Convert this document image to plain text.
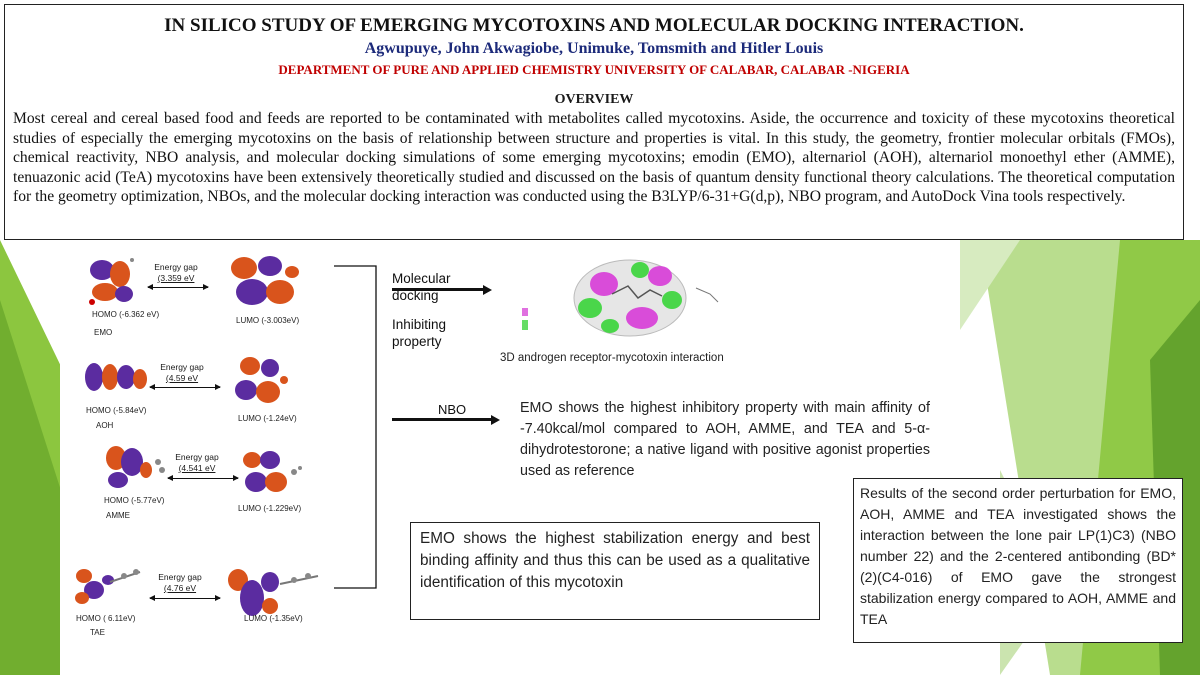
IN SILICO STUDY OF EMERGING MYCOTOXINS AND MOLECULAR DOCKING INTERACTION.
Agwupuye, John Akwagiobe, Unimuke, Tomsmith and Hitler Louis
DEPARTMENT OF PURE AND APPLIED CHEMISTRY UNIVERSITY OF CALABAR, CALABAR -NIGERIA
OVERVIEW
Most cereal and cereal based food and feeds are reported to be contaminated with metabolites called mycotoxins. Aside, the occurrence and toxicity of these mycotoxins theoretical studies of especially the emerging mycotoxins on the basis of relationship between structure and properties is vital. In this study, the geometry, frontier molecular orbitals (FMOs), chemical reactivity, NBO analysis, and molecular docking simulations of some emerging mycotoxins; emodin (EMO), alternariol (AOH), alternariol monoethyl ether (AMME), tenuazonic acid (TeA) mycotoxins have been extensively theoretically studied and discussed on the basis of quantum density functional theory calculations. The theoretical computation for the geometry optimization, NBOs, and the molecular docking interaction was conducted using the B3LYP/6-31+G(d,p), NBO program, and AutoDock Vina tools respectively.
Energy gap
(3.359 eV
HOMO (-6.362 eV)
LUMO (-3.003eV)
EMO
Energy gap
(4.59 eV
HOMO (-5.84eV)
LUMO (-1.24eV)
AOH
Energy gap
(4.541 eV
HOMO (-5.77eV)
LUMO (-1.229eV)
AMME
Energy gap
(4.76 eV
HOMO ( 6.11eV)	LUMO (-1.35eV)
TAE
Molecular
docking
Inhibiting
property
3D androgen receptor-mycotoxin interaction
NBO	EMO shows the highest inhibitory property with main affinity of -7.40kcal/mol compared to AOH, AMME, and TEA and 5-α-dihydrotestorone; a native ligand with positive agonist properties used as reference
EMO shows the highest stabilization energy and best binding affinity and thus this can be used as a qualitative identification of this mycotoxin
Results of the second order perturbation for EMO, AOH, AMME and TEA investigated shows the interaction between the lone pair LP(1)C3) (NBO number 22) and the 2-centered antibonding (BD*(2)(C4-016) of EMO gave the strongest stabilization energy compared to AOH, AMME and TEA
